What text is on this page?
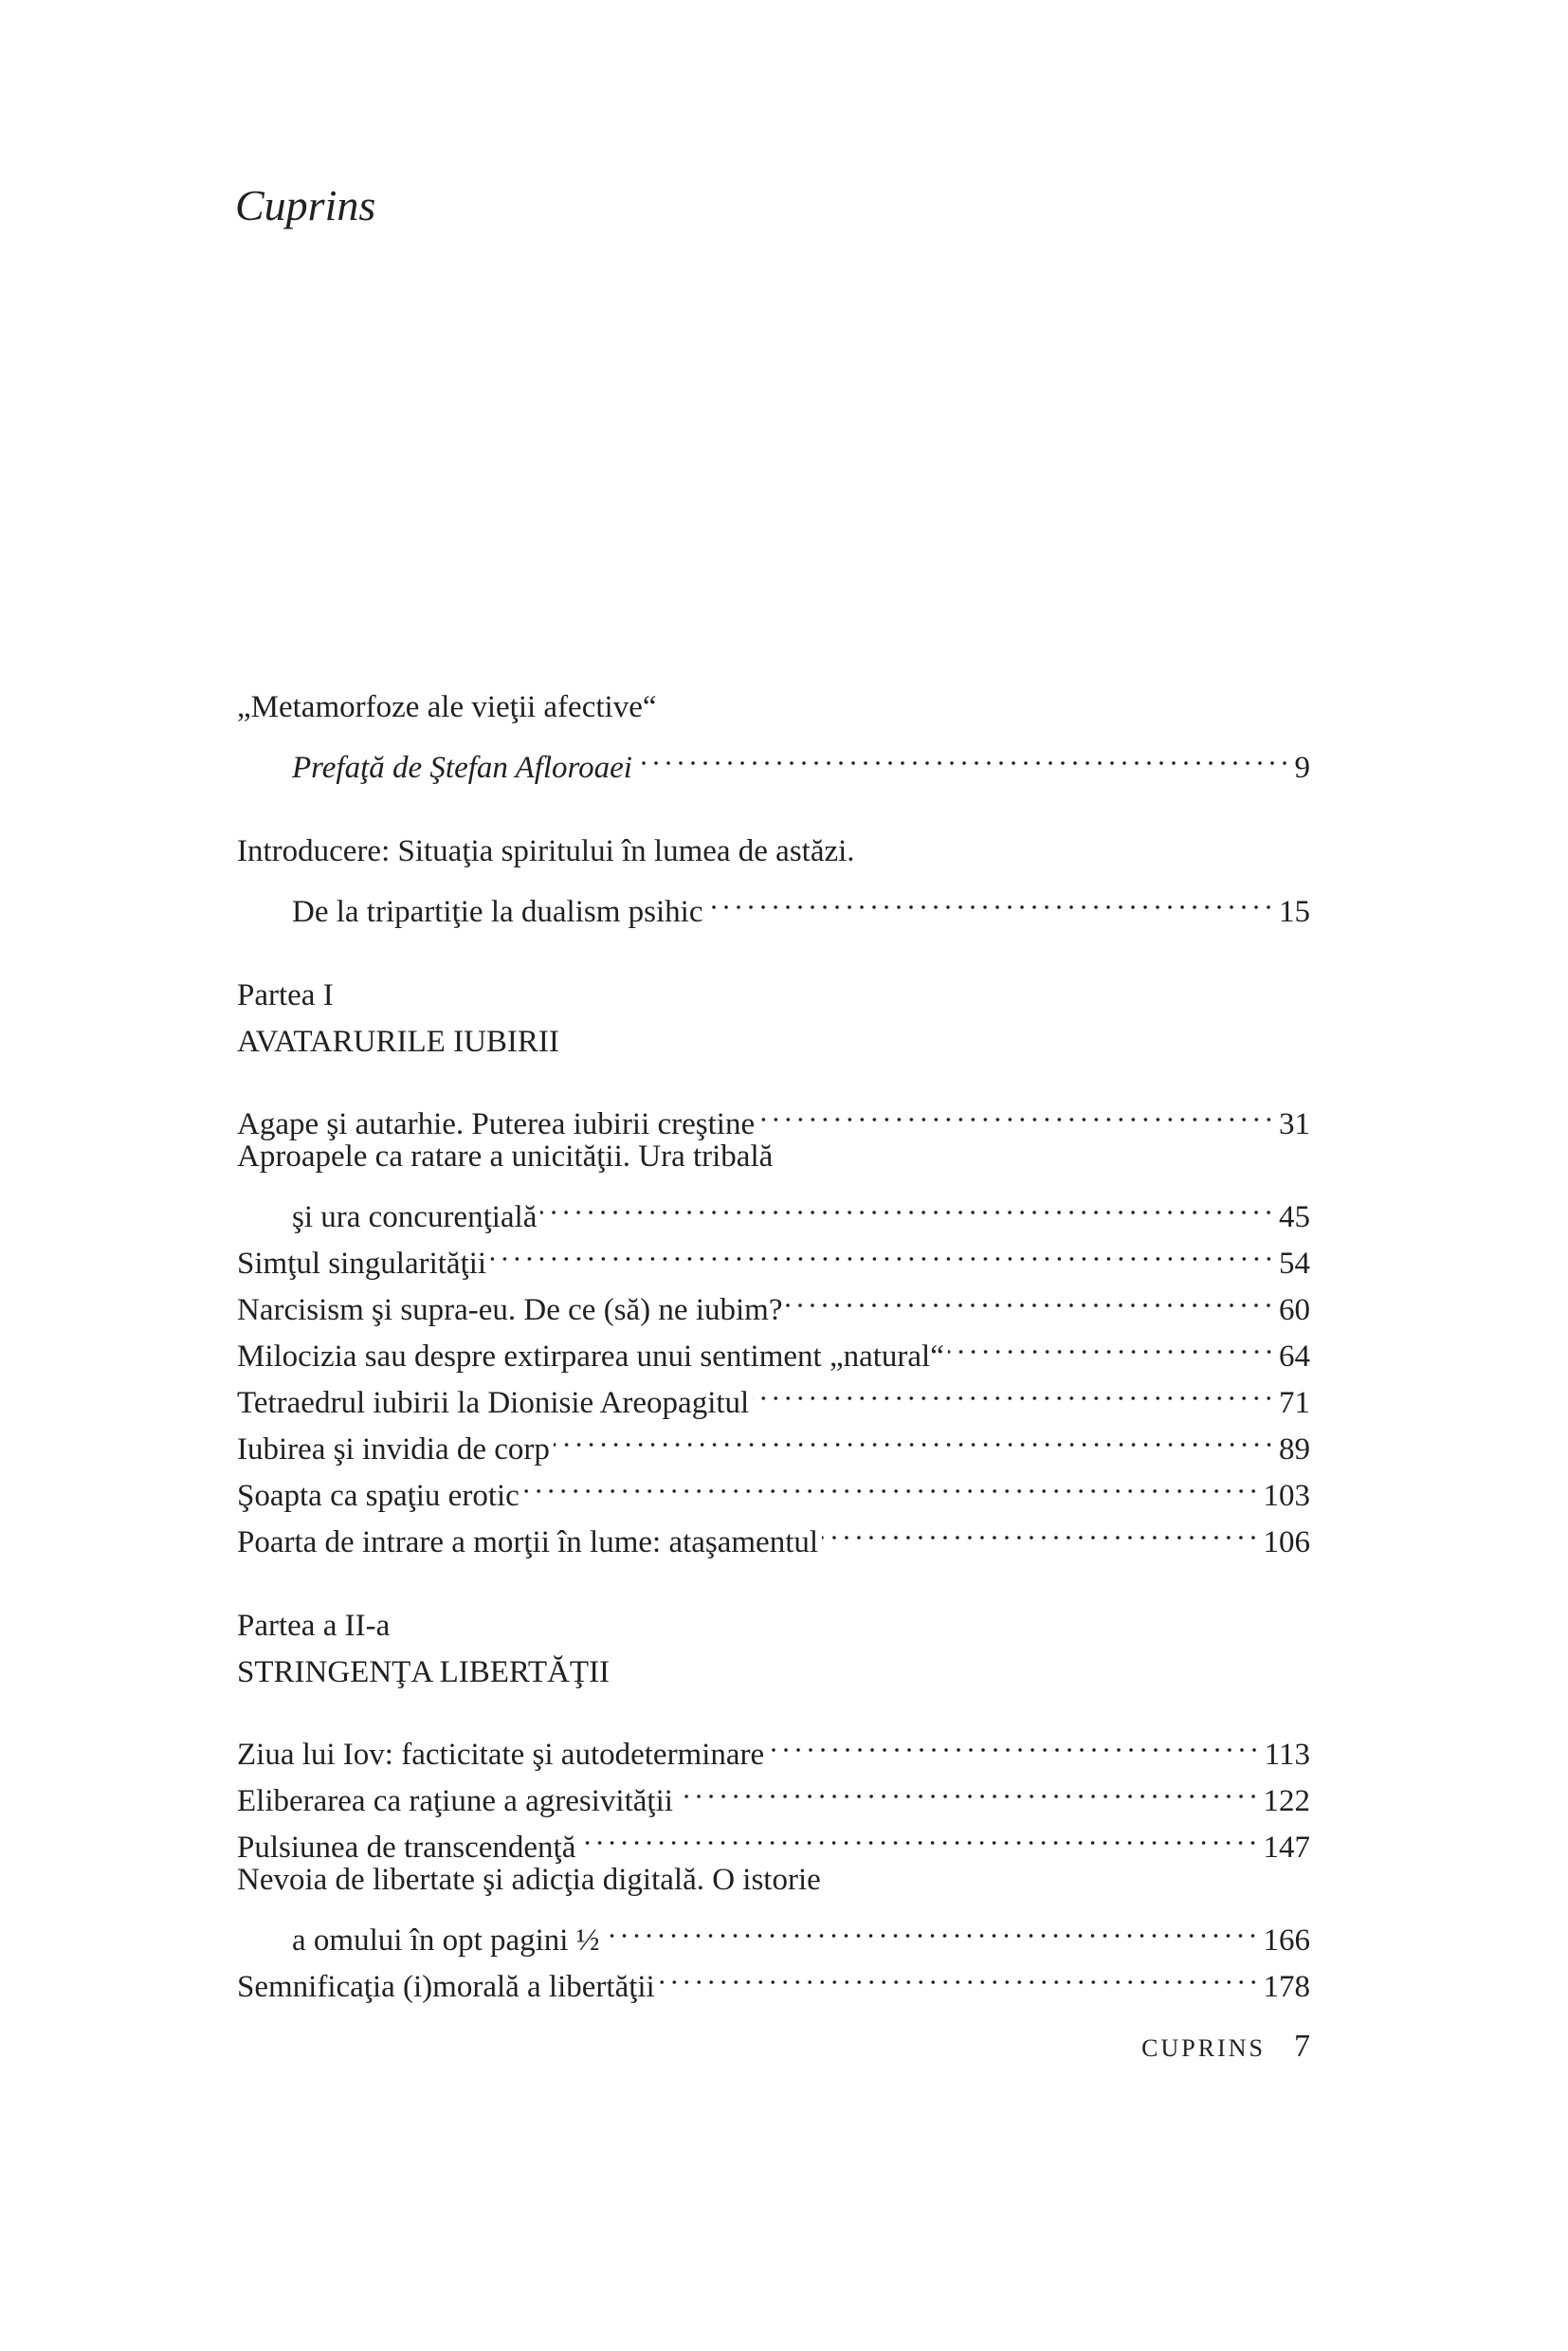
Cuprins
„Metamorfoze ale vieţii afective“
Prefaţă de Ştefan Afloroaei	9
Introducere: Situaţia spiritului în lumea de astăzi.
De la tripartiţie la dualism psihic	15
Partea I
AVATARURILE IUBIRII
Agape şi autarhie. Puterea iubirii creştine	31
Aproapele ca ratare a unicităţii. Ura tribală
şi ura concurenţială	45
Simţul singularităţii	54
Narcisism şi supra-eu. De ce (să) ne iubim?	60
Milocizia sau despre extirparea unui sentiment „natural“	64
Tetraedrul iubirii la Dionisie Areopagitul	71
Iubirea şi invidia de corp	89
Şoapta ca spaţiu erotic	103
Poarta de intrare a morţii în lume: ataşamentul	106
Partea a II-a
STRINGENŢA LIBERTĂŢII
Ziua lui Iov: facticitate şi autodeterminare	113
Eliberarea ca raţiune a agresivităţii	122
Pulsiunea de transcendenţă	147
Nevoia de libertate şi adicţia digitală. O istorie
a omului în opt pagini ½	166
Semnificaţia (i)morală a libertăţii	178
CUPRINS 7
